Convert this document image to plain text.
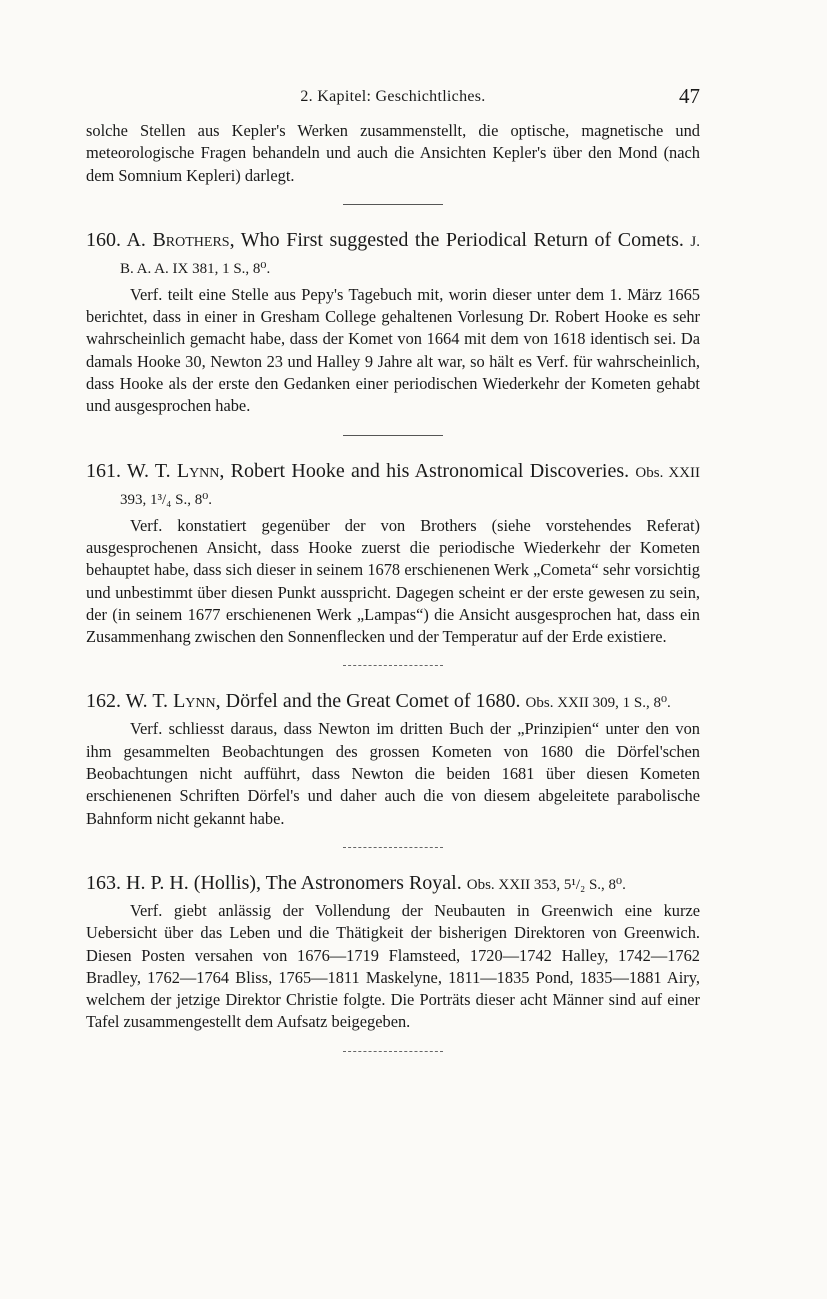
2. Kapitel: Geschichtliches.	47

solche Stellen aus Kepler's Werken zusammenstellt, die optische, magnetische und meteorologische Fragen behandeln und auch die Ansichten Kepler's über den Mond (nach dem Somnium Kepleri) darlegt.

160. A. Brothers, Who First suggested the Periodical Return of Comets. J. B. A. A. IX 381, 1 S., 8⁰.

Verf. teilt eine Stelle aus Pepy's Tagebuch mit, worin dieser unter dem 1. März 1665 berichtet, dass in einer in Gresham College gehaltenen Vorlesung Dr. Robert Hooke es sehr wahrscheinlich gemacht habe, dass der Komet von 1664 mit dem von 1618 identisch sei. Da damals Hooke 30, Newton 23 und Halley 9 Jahre alt war, so hält es Verf. für wahrscheinlich, dass Hooke als der erste den Gedanken einer periodischen Wiederkehr der Kometen gehabt und ausgesprochen habe.

161. W. T. Lynn, Robert Hooke and his Astronomical Discoveries. Obs. XXII 393, 1³/₄ S., 8⁰.

Verf. konstatiert gegenüber der von Brothers (siehe vorstehendes Referat) ausgesprochenen Ansicht, dass Hooke zuerst die periodische Wiederkehr der Kometen behauptet habe, dass sich dieser in seinem 1678 erschienenen Werk „Cometa“ sehr vorsichtig und unbestimmt über diesen Punkt ausspricht. Dagegen scheint er der erste gewesen zu sein, der (in seinem 1677 erschienenen Werk „Lampas“) die Ansicht ausgesprochen hat, dass ein Zusammenhang zwischen den Sonnenflecken und der Temperatur auf der Erde existiere.

162. W. T. Lynn, Dörfel and the Great Comet of 1680. Obs. XXII 309, 1 S., 8⁰.

Verf. schliesst daraus, dass Newton im dritten Buch der „Prinzipien“ unter den von ihm gesammelten Beobachtungen des grossen Kometen von 1680 die Dörfel'schen Beobachtungen nicht aufführt, dass Newton die beiden 1681 über diesen Kometen erschienenen Schriften Dörfel's und daher auch die von diesem abgeleitete parabolische Bahnform nicht gekannt habe.

163. H. P. H. (Hollis), The Astronomers Royal. Obs. XXII 353, 5¹/₂ S., 8⁰.

Verf. giebt anlässig der Vollendung der Neubauten in Greenwich eine kurze Uebersicht über das Leben und die Thätigkeit der bisherigen Direktoren von Greenwich. Diesen Posten versahen von 1676—1719 Flamsteed, 1720—1742 Halley, 1742—1762 Bradley, 1762—1764 Bliss, 1765—1811 Maskelyne, 1811—1835 Pond, 1835—1881 Airy, welchem der jetzige Direktor Christie folgte. Die Porträts dieser acht Männer sind auf einer Tafel zusammengestellt dem Aufsatz beigegeben.
